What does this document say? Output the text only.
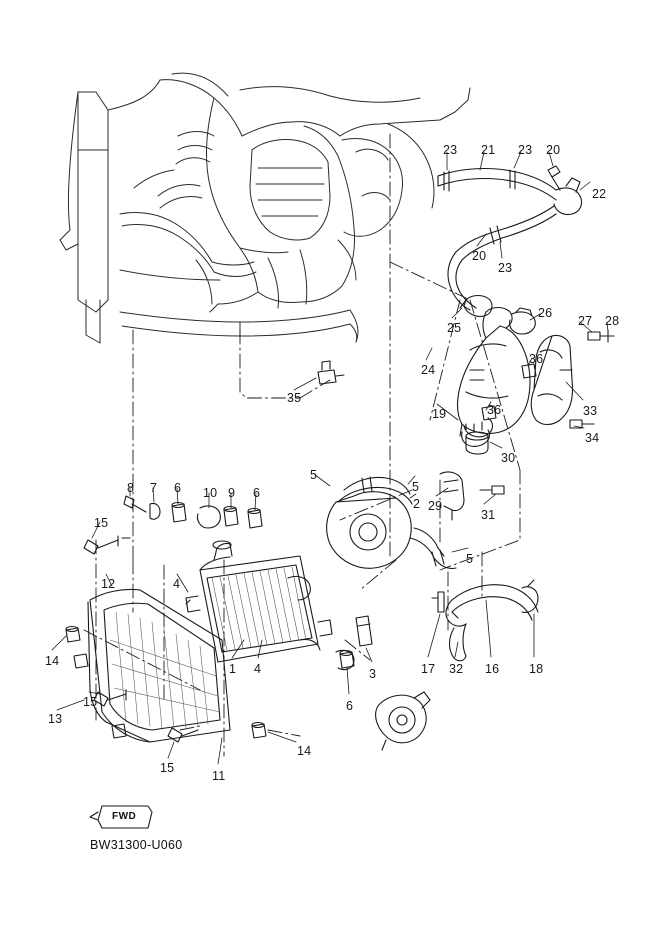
23 21 23 20
22
20
23
26
27 28
25
36
24
35
36	33
19
34
30
5
5
8 7 6 10 9 6
2 29
31
15
5
12	4
14
1 4	3	17 32 16 18
15	6
13
14
15
11
FWD
BW31300-U060
